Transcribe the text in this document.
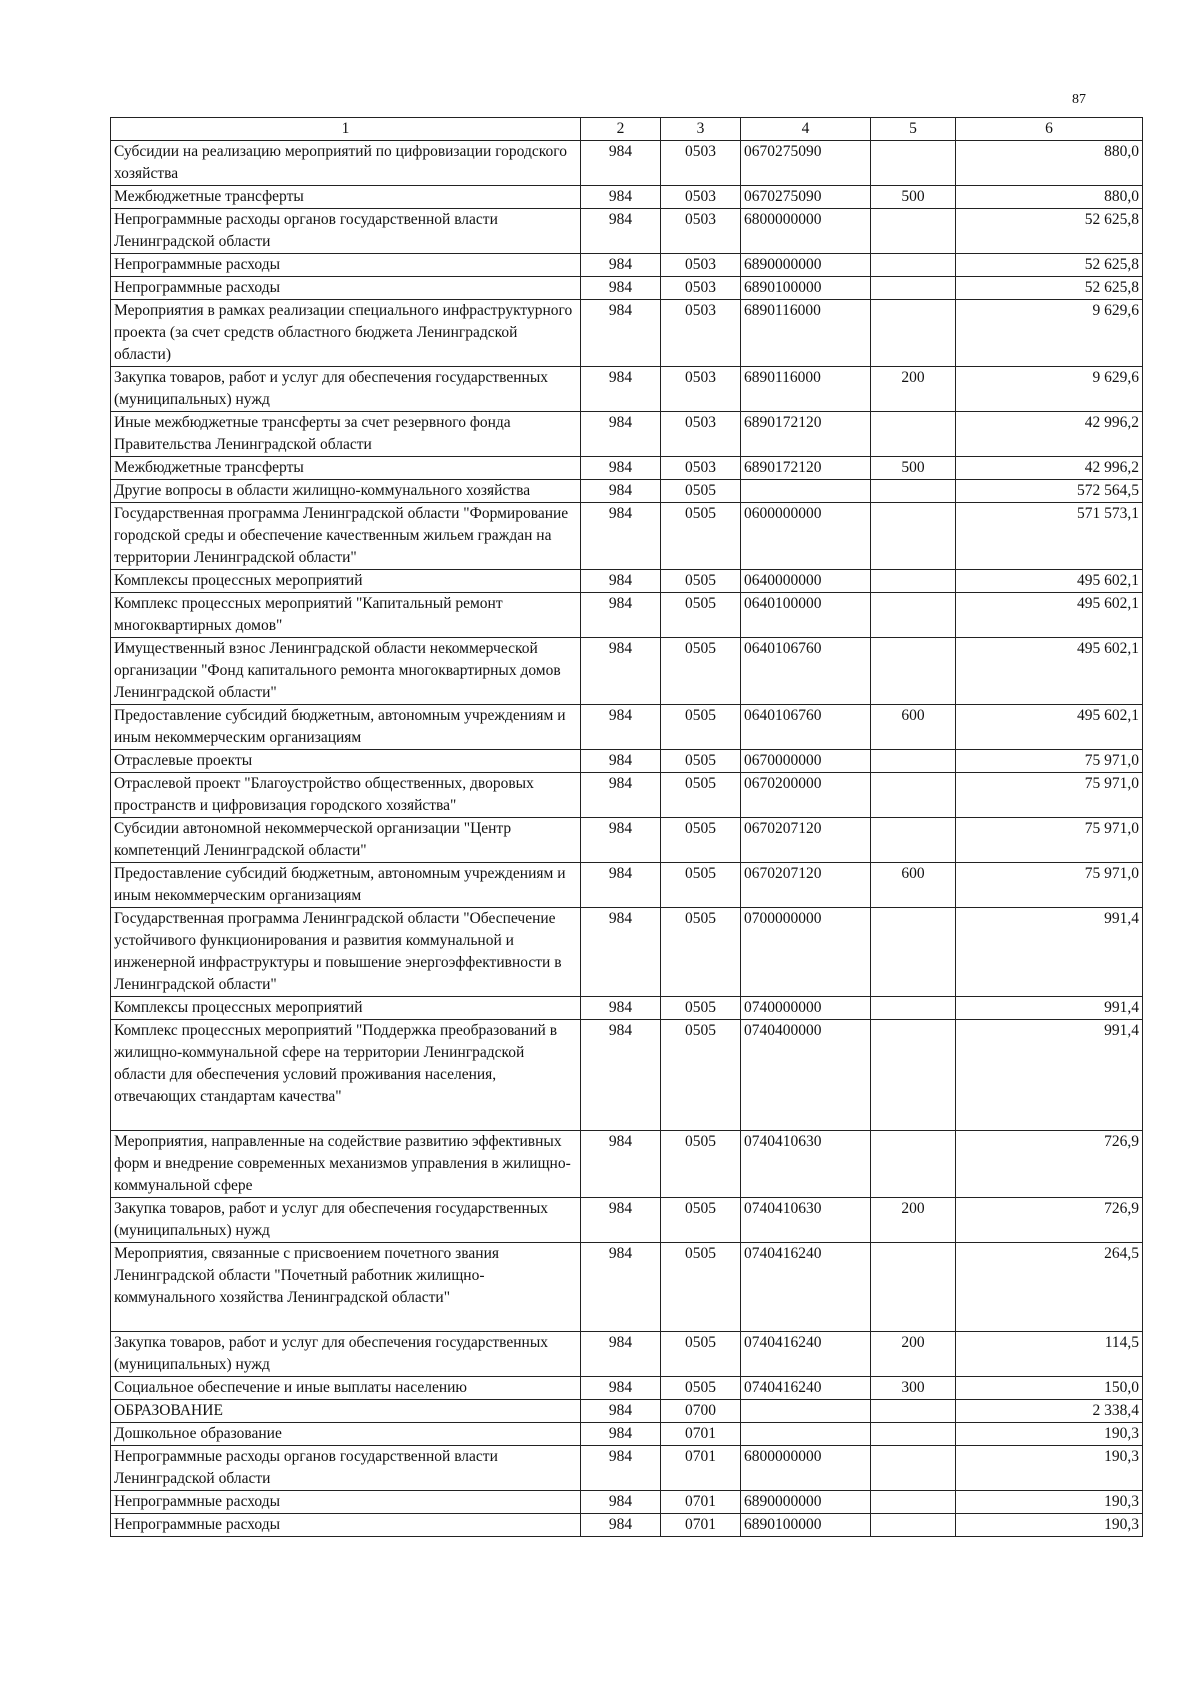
87
1	2	3	4	5	6
Субсидии на реализацию мероприятий по цифровизации городского хозяйства	984	0503	0670275090		880,0
Межбюджетные трансферты	984	0503	0670275090	500	880,0
Непрограммные расходы органов государственной власти Ленинградской области	984	0503	6800000000		52 625,8
Непрограммные расходы	984	0503	6890000000		52 625,8
Непрограммные расходы	984	0503	6890100000		52 625,8
Мероприятия в рамках реализации специального инфраструктурного проекта (за счет средств областного бюджета Ленинградской области)	984	0503	6890116000		9 629,6
Закупка товаров, работ и услуг для обеспечения государственных (муниципальных) нужд	984	0503	6890116000	200	9 629,6
Иные межбюджетные трансферты за счет резервного фонда Правительства Ленинградской области	984	0503	6890172120		42 996,2
Межбюджетные трансферты	984	0503	6890172120	500	42 996,2
Другие вопросы в области жилищно-коммунального хозяйства	984	0505			572 564,5
Государственная программа Ленинградской области "Формирование городской среды и обеспечение качественным жильем граждан на территории Ленинградской области"	984	0505	0600000000		571 573,1
Комплексы процессных мероприятий	984	0505	0640000000		495 602,1
Комплекс процессных мероприятий "Капитальный ремонт многоквартирных домов"	984	0505	0640100000		495 602,1
Имущественный взнос Ленинградской области некоммерческой организации "Фонд капитального ремонта многоквартирных домов Ленинградской области"	984	0505	0640106760		495 602,1
Предоставление субсидий бюджетным, автономным учреждениям и иным некоммерческим организациям	984	0505	0640106760	600	495 602,1
Отраслевые проекты	984	0505	0670000000		75 971,0
Отраслевой проект "Благоустройство общественных, дворовых пространств и цифровизация городского хозяйства"	984	0505	0670200000		75 971,0
Субсидии автономной некоммерческой организации "Центр компетенций Ленинградской области"	984	0505	0670207120		75 971,0
Предоставление субсидий бюджетным, автономным учреждениям и иным некоммерческим организациям	984	0505	0670207120	600	75 971,0
Государственная программа Ленинградской области "Обеспечение устойчивого функционирования и развития коммунальной и инженерной инфраструктуры и повышение энергоэффективности в Ленинградской области"	984	0505	0700000000		991,4
Комплексы процессных мероприятий	984	0505	0740000000		991,4
Комплекс процессных мероприятий "Поддержка преобразований в жилищно-коммунальной сфере на территории Ленинградской области для обеспечения условий проживания населения, отвечающих стандартам качества"	984	0505	0740400000		991,4
Мероприятия, направленные на содействие развитию эффективных форм и внедрение современных механизмов управления в жилищно-коммунальной сфере	984	0505	0740410630		726,9
Закупка товаров, работ и услуг для обеспечения государственных (муниципальных) нужд	984	0505	0740410630	200	726,9
Мероприятия, связанные с присвоением почетного звания Ленинградской области "Почетный работник жилищно-коммунального хозяйства Ленинградской области"	984	0505	0740416240		264,5
Закупка товаров, работ и услуг для обеспечения государственных (муниципальных) нужд	984	0505	0740416240	200	114,5
Социальное обеспечение и иные выплаты населению	984	0505	0740416240	300	150,0
ОБРАЗОВАНИЕ	984	0700			2 338,4
Дошкольное образование	984	0701			190,3
Непрограммные расходы органов государственной власти Ленинградской области	984	0701	6800000000		190,3
Непрограммные расходы	984	0701	6890000000		190,3
Непрограммные расходы	984	0701	6890100000		190,3
